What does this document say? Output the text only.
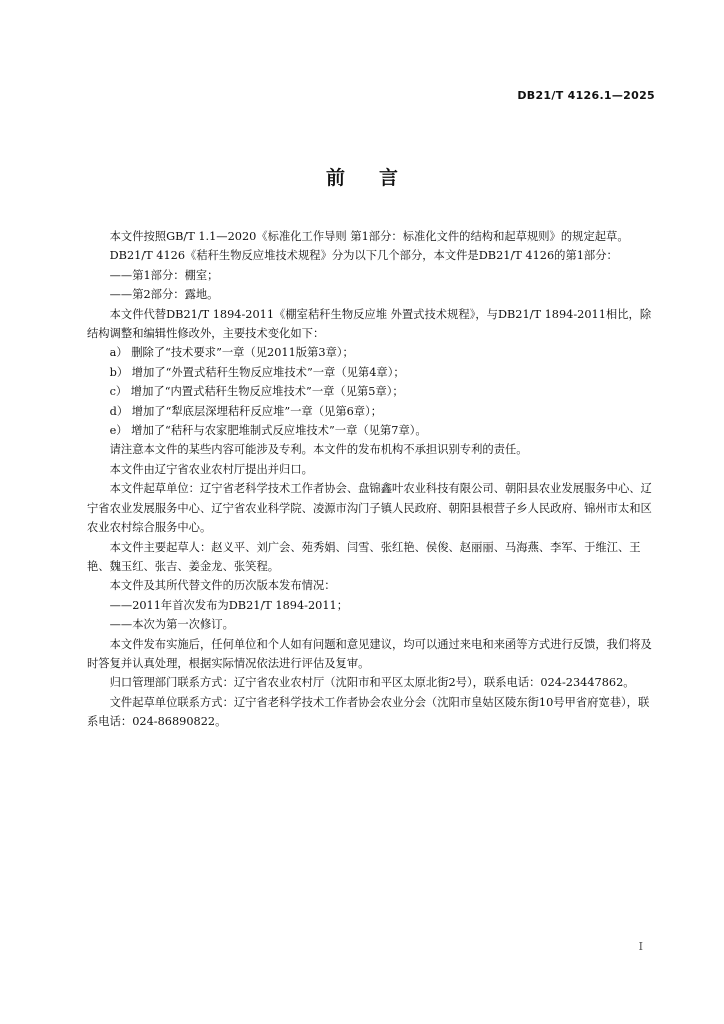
DB21/T 4126.1—2025
前言

本文件按照GB/T 1.1—2020《标准化工作导则 第1部分：标准化文件的结构和起草规则》的规定起草。

DB21/T 4126《秸秆生物反应堆技术规程》分为以下几个部分，本文件是DB21/T 4126的第1部分：

——第1部分：棚室；

——第2部分：露地。

本文件代替DB21/T 1894-2011《棚室秸秆生物反应堆 外置式技术规程》，与DB21/T 1894-2011相比，除结构调整和编辑性修改外，主要技术变化如下：

a） 删除了“技术要求”一章（见2011版第3章）；

b） 增加了“外置式秸秆生物反应堆技术”一章（见第4章）；

c） 增加了“内置式秸秆生物反应堆技术”一章（见第5章）；

d） 增加了“犁底层深埋秸秆反应堆”一章（见第6章）；

e） 增加了“秸秆与农家肥堆制式反应堆技术”一章（见第7章）。

请注意本文件的某些内容可能涉及专利。本文件的发布机构不承担识别专利的责任。

本文件由辽宁省农业农村厅提出并归口。

本文件起草单位：辽宁省老科学技术工作者协会、盘锦鑫叶农业科技有限公司、朝阳县农业发展服务中心、辽宁省农业发展服务中心、辽宁省农业科学院、凌源市沟门子镇人民政府、朝阳县根营子乡人民政府、锦州市太和区农业农村综合服务中心。

本文件主要起草人：赵义平、刘广会、苑秀娟、闫雪、张红艳、侯俊、赵丽丽、马海燕、李军、于维江、王艳、魏玉红、张吉、姜金龙、张笑程。

本文件及其所代替文件的历次版本发布情况：

——2011年首次发布为DB21/T 1894-2011；

——本次为第一次修订。

本文件发布实施后，任何单位和个人如有问题和意见建议，均可以通过来电和来函等方式进行反馈，我们将及时答复并认真处理，根据实际情况依法进行评估及复审。

归口管理部门联系方式：辽宁省农业农村厅（沈阳市和平区太原北街2号），联系电话：024-23447862。

文件起草单位联系方式：辽宁省老科学技术工作者协会农业分会（沈阳市皇姑区陵东街10号甲省府宽巷），联系电话：024-86890822。

I
